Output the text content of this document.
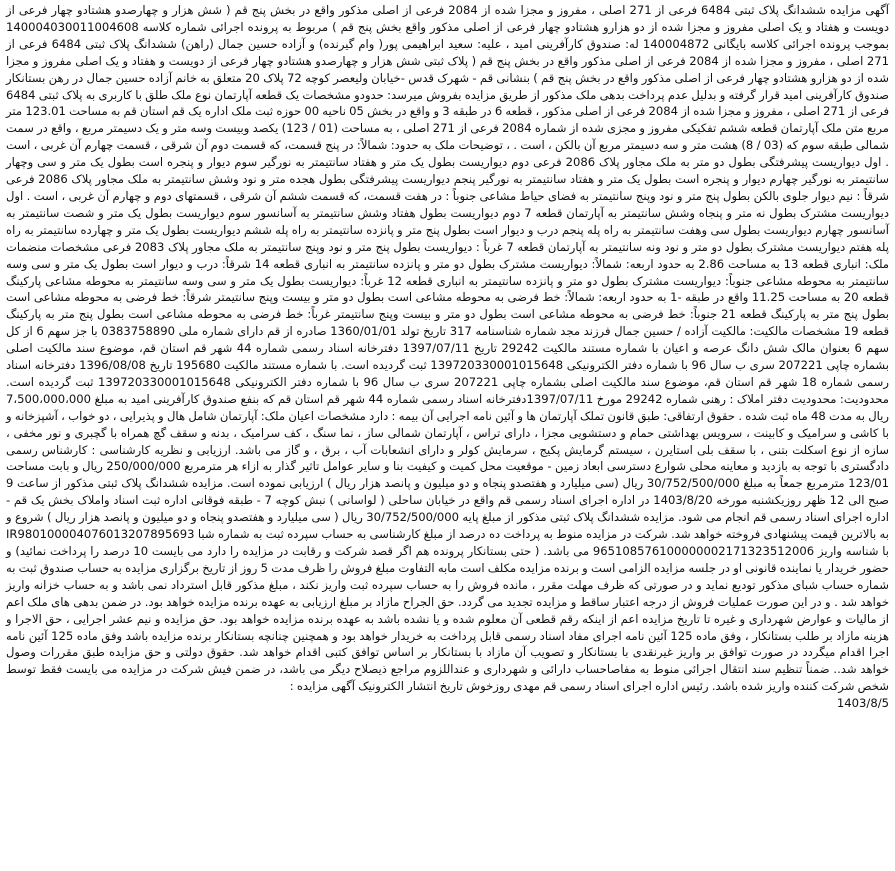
آگهی مزایده ششدانگ پلاک ثبتی 6484 فرعی از 271 اصلی ، مفروز و مجزا شده از 2084 فرعی از اصلی مذکور واقع در بخش پنج قم ( شش هزار و چهارصدو هشتادو چهار فرعی از دویست و هفتاد و یک اصلی مفروز و مجزا شده از دو هزارو هشتادو چهار فرعی از اصلی مذکور واقع بخش پنج قم ) مربوط به پرونده اجرائی شماره کلاسه 140004030011004608 بموجب پرونده اجرائی کلاسه بایگانی 140004872 له: صندوق کارآفرینی امید ، علیه: سعید ابراهیمی پور( وام گیرنده) و آزاده حسین جمال (راهن) ششدانگ پلاک ثبتی 6484 فرعی از 271 اصلی ، مفروز و مجزا شده از 2084 فرعی از اصلی مذکور واقع در بخش پنج قم ( پلاک ثبتی شش هزار و چهارصدو هشتادو چهار فرعی از دویست و هفتاد و یک اصلی مفروز و مجزا شده از دو هزارو هشتادو چهار فرعی از اصلی مذکور واقع در بخش پنج قم ) بنشانی قم - شهرک قدس -خیابان ولیعصر کوچه 72 پلاک 20 متعلق به خانم آزاده حسین جمال در رهن بستانکار صندوق کارآفرینی امید قرار گرفته و بدلیل عدم پرداخت بدهی ملک مذکور از طریق مزایده بفروش میرسد: حدودو مشخصات یک قطعه آپارتمان نوع ملک طلق با کاربری به پلاک ثبتی 6484 فرعی از 271 اصلی ، مفروز و مجزا شده از 2084 فرعی از اصلی مذکور ، قطعه 6 در طبقه 3 و واقع در بخش 05 ناحیه 00 حوزه ثبت ملک اداره یک قم استان قم به مساحت 123.01 متر مربع متن ملک آپارتمان قطعه ششم تفکیکی مفروز و مجزی شده از شماره 2084 فرعی از 271 اصلی ، به مساحت (01 / 123) یکصد وبیست وسه متر و یک دسیمتر مربع ، واقع در سمت شمالی طبقه سوم که (03 / 8) هشت متر و سه دسیمتر مربع آن بالکن ، است . ، توضیحات ملک به حدود: شمالاً: در پنج قسمت، که قسمت دوم آن شرقی ، قسمت چهارم آن غربی ، است . اول دیواریست پیشرفتگی بطول دو متر به ملک مجاور پلاک 2086 فرعی دوم دیواریست بطول یک متر و هفتاد سانتیمتر به نورگیر سوم دیوار و پنجره است بطول یک متر و سی وچهار سانتیمتر به نورگیر چهارم دیوار و پنجره است بطول یک متر و هفتاد سانتیمتر به نورگیر پنجم دیواریست پیشرفتگی بطول هجده متر و نود وشش سانتیمتر به ملک مجاور پلاک 2086 فرعی شرقاً : نیم دیوار جلوی بالکن بطول پنج متر و نود وپنج سانتیمتر به فضای حیاط مشاعی جنوباً : در هفت قسمت، که قسمت ششم آن شرقی ، قسمتهای دوم و چهارم آن غربی ، است . اول دیواریست مشترک بطول نه متر و پنجاه وشش سانتیمتر به آپارتمان قطعه 7 دوم دیواریست بطول هفتاد وشش سانتیمتر به آسانسور سوم دیواریست بطول یک متر و شصت سانتیمتر به آسانسور چهارم دیواریست بطول سی وهفت سانتیمتر به راه پله پنجم درب و دیوار است بطول پنج متر و پانزده سانتیمتر به راه پله ششم دیواریست بطول یک متر و چهارده سانتیمتر به راه پله هفتم دیواریست مشترک بطول دو متر و نود ونه سانتیمتر به آپارتمان قطعه 7 غرباً : دیواریست بطول پنج متر و نود وپنج سانتیمتر به ملک مجاور پلاک 2083 فرعی مشخصات منضمات ملک: انباری قطعه 13 به مساحت 2.86 به حدود اربعه: شمالاً: دیواریست مشترک بطول دو متر و پانزده سانتیمتر به انباری قطعه 14 شرقاً: درب و دیوار است بطول یک متر و سی وسه سانتیمتر به محوطه مشاعی جنوباً: دیواریست مشترک بطول دو متر و پانزده سانتیمتر به انباری قطعه 12 غرباً: دیواریست بطول یک متر و سی وسه سانتیمتر به محوطه مشاعی پارکینگ قطعه 20 به مساحت 11.25 واقع در طبقه -1 به حدود اربعه: شمالاً: خط فرضی به محوطه مشاعی است بطول دو متر و بیست وپنج سانتیمتر شرقاً: خط فرضی به محوطه مشاعی است بطول پنج متر به پارکینگ قطعه 21 جنوباً: خط فرضی به محوطه مشاعی است بطول دو متر و بیست وپنج سانتیمتر غرباً: خط فرضی به محوطه مشاعی است بطول پنج متر به پارکینگ قطعه 19 مشخصات مالکیت: مالکیت آزاده / حسین جمال فرزند مجد شماره شناسنامه 317 تاریخ تولد 1360/01/01 صادره از قم دارای شماره ملی 0383758890 با جز سهم 6 از کل سهم 6 بعنوان مالک شش دانگ عرصه و اعیان با شماره مستند مالکیت 29242 تاریخ 1397/07/11 دفترخانه اسناد رسمی شماره 44 شهر قم استان قم، موضوع سند مالکیت اصلی بشماره چاپی 207221 سری ب سال 96 با شماره دفتر الکترونیکی 139720330001015648 ثبت گردیده است. با شماره مستند مالکیت 195680 تاریخ 1396/08/08 دفترخانه اسناد رسمی شماره 18 شهر قم استان قم، موضوع سند مالکیت اصلی بشماره چاپی 207221 سری ب سال 96 با شماره دفتر الکترونیکی 139720330001015648 ثبت گردیده است. محدودیت: محدودیت دفتر املاک : رهنی شماره 29242 مورخ 1397/07/11دفترخانه اسناد رسمی شماره 44 شهر قم استان قم که بنفع صندوق کارآفرینی امید به مبلغ 7،500،000،000 ریال به مدت 48 ماه ثبت شده . حقوق ارتفاقی: طبق قانون تملک آپارتمان ها و آئین نامه اجرایی آن بیمه : دارد مشخصات اعیان ملک: آپارتمان شامل هال و پذیرایی ، دو خواب ، آشپزخانه و با کاشی و سرامیک و کابینت ، سرویس بهداشتی حمام و دستشویی مجزا ، دارای تراس ، آپارتمان شمالی ساز ، نما سنگ ، کف سرامیک ، بدنه و سقف گچ همراه با گچبری و نور مخفی ، سازه از نوع اسکلت بتنی ، با سقف بلی استایرن ، سیستم گرمایش پکیج ، سرمایش کولر و دارای انشعابات آب ، برق ، و گاز می باشد. ارزیابی و نظریه کارشناسی : کارشناس رسمی دادگستری با توجه به بازدید و معاینه محلی شوارع دسترسی ابعاد زمین - موقعیت محل کمیت و کیفیت بنا و سایر عوامل تاثیر گذار به ازاء هر مترمربع 250/000/000 ریال و بابت مساحت 123/01 مترمربع جمعاً به مبلغ 30/752/500/000 ریال (سی میلیارد و هفتصدو پنجاه و دو میلیون و پانصد هزار ریال ) ارزیابی نموده است. مزایده ششدانگ پلاک ثبتی مذکور از ساعت 9 صبح الی 12 ظهر روزیکشنبه مورخه 1403/8/20 در اداره اجرای اسناد رسمی قم واقع در خیابان ساحلی ( لواسانی ) نبش کوچه 7 - طبقه فوقانی اداره ثبت اسناد واملاک بخش یک قم - اداره اجرای اسناد رسمی قم انجام می شود. مزایده ششدانگ پلاک ثبتی مذکور از مبلغ پایه 30/752/500/000 ریال ( سی میلیارد و هفتصدو پنجاه و دو میلیون و پانصد هزار ریال ) شروع و به بالاترین قیمت پیشنهادی فروخته خواهد شد. شرکت در مزایده منوط به پرداخت ده درصد از مبلغ کارشناسی به حساب سپرده ثبت به شماره شبا IR980100004076013207895693 با شناسه واریز 965108576100000002171323512006 می باشد. ( حتی بستانکار پرونده هم اگر قصد شرکت و رقابت در مزایده را دارد می بایست 10 درصد را پرداخت نمائید) و حضور خریدار یا نماینده قانونی او در جلسه مزایده الزامی است و برنده مزایده مکلف است مابه التفاوت مبلغ فروش را ظرف مدت 5 روز از تاریخ برگزاری مزایده به حساب صندوق ثبت به شماره حساب شبای مذکور تودیع نماید و در صورتی که ظرف مهلت مقرر ، مانده فروش را به حساب سپرده ثبت واریز نکند ، مبلغ مذکور قابل استرداد نمی باشد و به حساب خزانه واریز خواهد شد . و در این صورت عملیات فروش از درجه اعتبار ساقط و مزایده تجدید می گردد. حق الجراح مازاد بر مبلغ ارزیابی به عهده برنده مزایده خواهد بود. در ضمن بدهی های ملک اعم از مالیات و عوارض شهرداری و غیره تا تاریخ مزایده اعم از اینکه رقم قطعی آن معلوم شده و یا نشده باشد به عهده برنده مزایده خواهد بود. حق مزایده و نیم عشر اجرایی ، حق الاجرا و هزینه مازاد بر طلب بستانکار ، وفق ماده 125 آئین نامه اجرای مفاد اسناد رسمی قابل پرداخت به خریدار خواهد بود و همچنین چنانچه بستانکار برنده مزایده باشد وفق ماده 125 آئین نامه اجرا اقدام میگردد در صورت توافق بر واریز غیرنقدی با بستانکار و تصویب آن مازاد با بستانکار بر اساس توافق کتبی اقدام خواهد شد. حقوق دولتی و حق مزایده طبق مقررات وصول خواهد شد.. ضمناً تنظیم سند انتقال اجرائی منوط به مفاصاحساب دارائی و شهرداری و عنداللزوم مراجع ذیصلاح دیگر می باشد، در ضمن فیش شرکت در مزایده می بایست فقط توسط شخص شرکت کننده واریز شده باشد. رئیس اداره اجرای اسناد رسمی قم مهدی روزخوش تاریخ انتشار الکترونیک آگهی مزایده :

1403/8/5
